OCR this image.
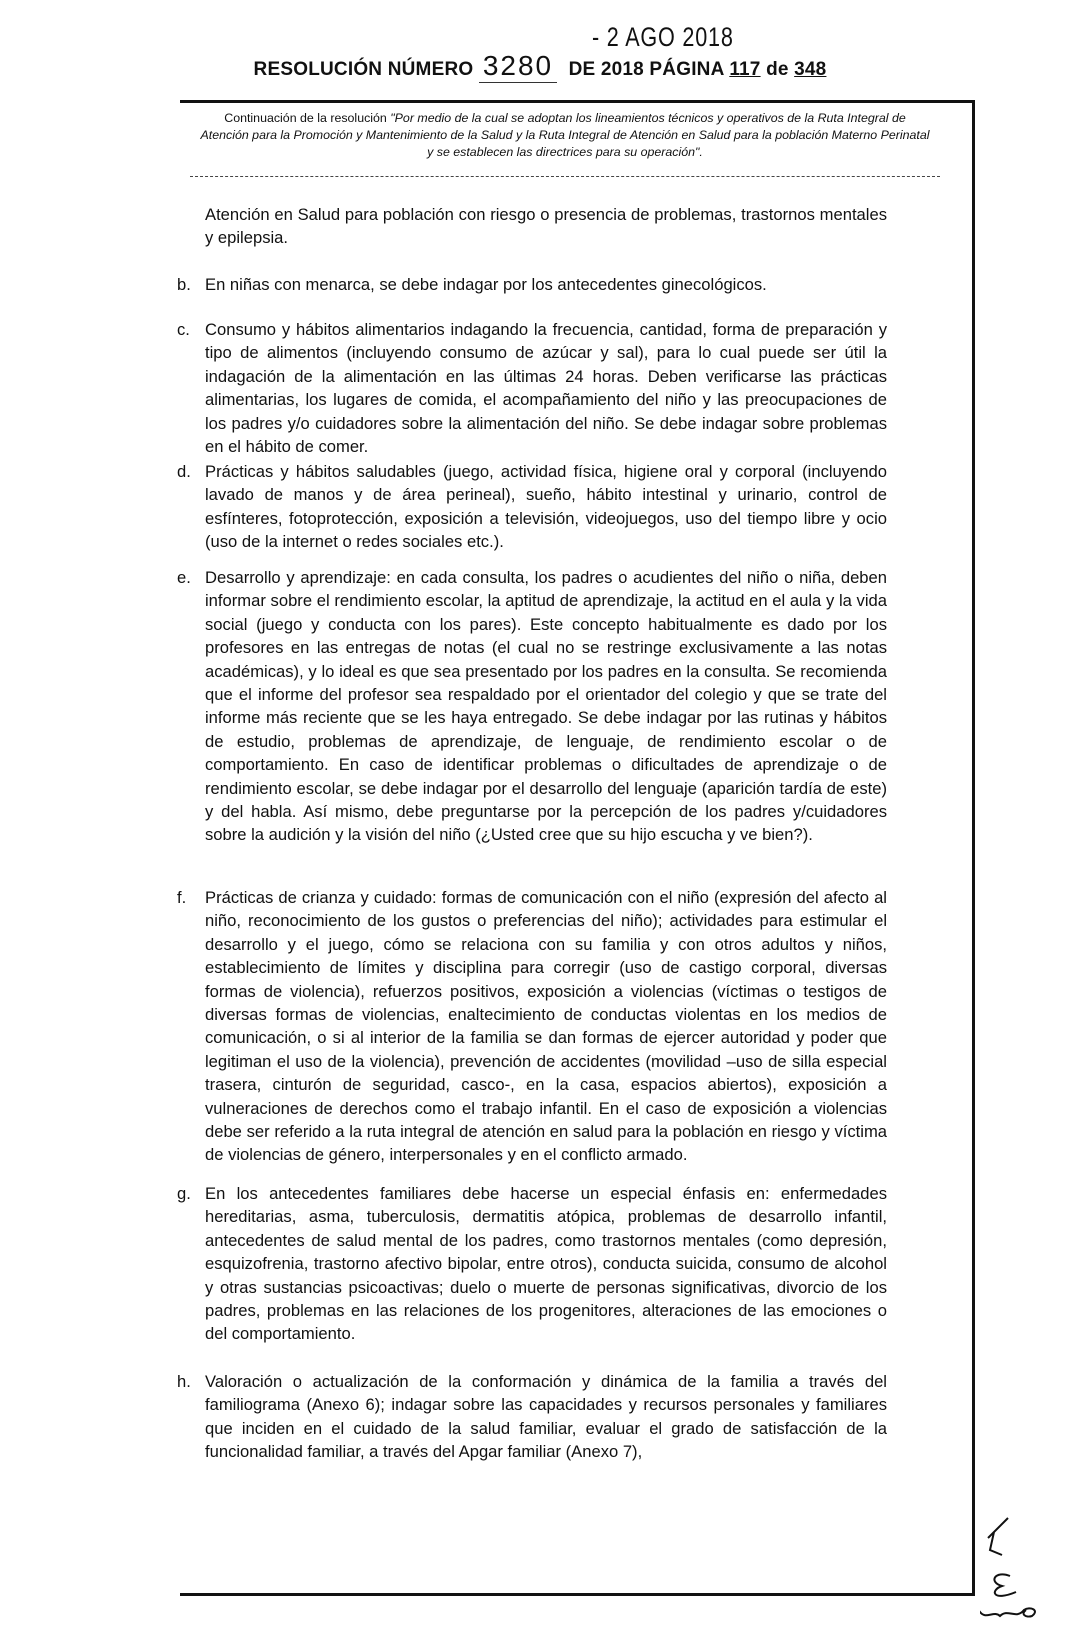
- 2 AGO 2018
RESOLUCIÓN NÚMERO 3280 DE 2018 PÁGINA 117 de 348
Continuación de la resolución "Por medio de la cual se adoptan los lineamientos técnicos y operativos de la Ruta Integral de Atención para la Promoción y Mantenimiento de la Salud y la Ruta Integral de Atención en Salud para la población Materno Perinatal y se establecen las directrices para su operación".
Atención en Salud para población con riesgo o presencia de problemas, trastornos mentales y epilepsia.
b. En niñas con menarca, se debe indagar por los antecedentes ginecológicos.
c. Consumo y hábitos alimentarios indagando la frecuencia, cantidad, forma de preparación y tipo de alimentos (incluyendo consumo de azúcar y sal), para lo cual puede ser útil la indagación de la alimentación en las últimas 24 horas. Deben verificarse las prácticas alimentarias, los lugares de comida, el acompañamiento del niño y las preocupaciones de los padres y/o cuidadores sobre la alimentación del niño. Se debe indagar sobre problemas en el hábito de comer.
d. Prácticas y hábitos saludables (juego, actividad física, higiene oral y corporal (incluyendo lavado de manos y de área perineal), sueño, hábito intestinal y urinario, control de esfínteres, fotoprotección, exposición a televisión, videojuegos, uso del tiempo libre y ocio (uso de la internet o redes sociales etc.).
e. Desarrollo y aprendizaje: en cada consulta, los padres o acudientes del niño o niña, deben informar sobre el rendimiento escolar, la aptitud de aprendizaje, la actitud en el aula y la vida social (juego y conducta con los pares). Este concepto habitualmente es dado por los profesores en las entregas de notas (el cual no se restringe exclusivamente a las notas académicas), y lo ideal es que sea presentado por los padres en la consulta. Se recomienda que el informe del profesor sea respaldado por el orientador del colegio y que se trate del informe más reciente que se les haya entregado. Se debe indagar por las rutinas y hábitos de estudio, problemas de aprendizaje, de lenguaje, de rendimiento escolar o de comportamiento. En caso de identificar problemas o dificultades de aprendizaje o de rendimiento escolar, se debe indagar por el desarrollo del lenguaje (aparición tardía de este) y del habla. Así mismo, debe preguntarse por la percepción de los padres y/cuidadores sobre la audición y la visión del niño (¿Usted cree que su hijo escucha y ve bien?).
f. Prácticas de crianza y cuidado: formas de comunicación con el niño (expresión del afecto al niño, reconocimiento de los gustos o preferencias del niño); actividades para estimular el desarrollo y el juego, cómo se relaciona con su familia y con otros adultos y niños, establecimiento de límites y disciplina para corregir (uso de castigo corporal, diversas formas de violencia), refuerzos positivos, exposición a violencias (víctimas o testigos de diversas formas de violencias, enaltecimiento de conductas violentas en los medios de comunicación, o si al interior de la familia se dan formas de ejercer autoridad y poder que legitiman el uso de la violencia), prevención de accidentes (movilidad –uso de silla especial trasera, cinturón de seguridad, casco-, en la casa, espacios abiertos), exposición a vulneraciones de derechos como el trabajo infantil. En el caso de exposición a violencias debe ser referido a la ruta integral de atención en salud para la población en riesgo y víctima de violencias de género, interpersonales y en el conflicto armado.
g. En los antecedentes familiares debe hacerse un especial énfasis en: enfermedades hereditarias, asma, tuberculosis, dermatitis atópica, problemas de desarrollo infantil, antecedentes de salud mental de los padres, como trastornos mentales (como depresión, esquizofrenia, trastorno afectivo bipolar, entre otros), conducta suicida, consumo de alcohol y otras sustancias psicoactivas; duelo o muerte de personas significativas, divorcio de los padres, problemas en las relaciones de los progenitores, alteraciones de las emociones o del comportamiento.
h. Valoración o actualización de la conformación y dinámica de la familia a través del familiograma (Anexo 6); indagar sobre las capacidades y recursos personales y familiares que inciden en el cuidado de la salud familiar, evaluar el grado de satisfacción de la funcionalidad familiar, a través del Apgar familiar (Anexo 7),
